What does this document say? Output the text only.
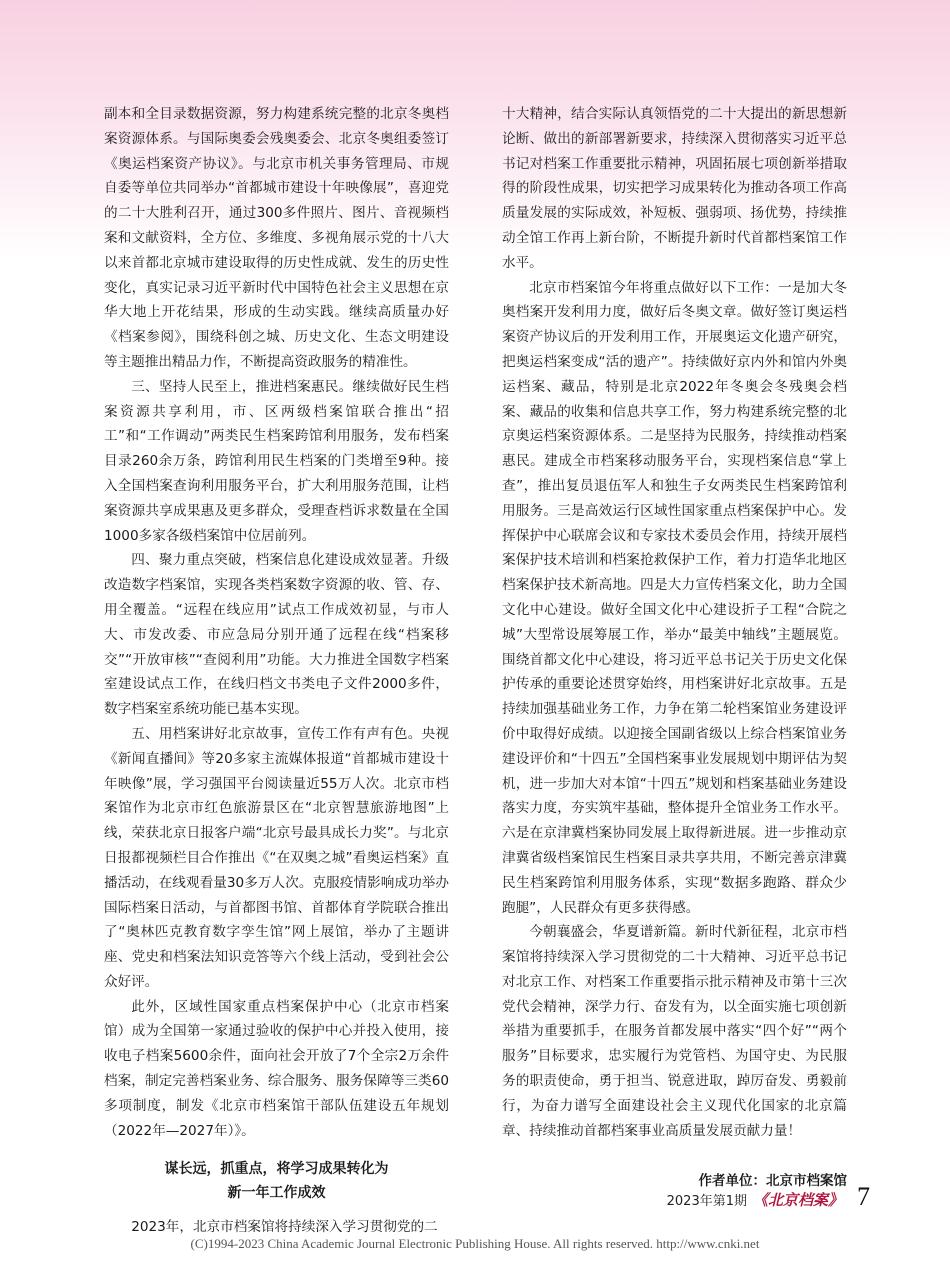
副本和全目录数据资源，努力构建系统完整的北京冬奥档案资源体系。与国际奥委会残奥委会、北京冬奥组委签订《奥运档案资产协议》。与北京市机关事务管理局、市规自委等单位共同举办“首都城市建设十年映像展”，喜迎党的二十大胜利召开，通过300多件照片、图片、音视频档案和文献资料，全方位、多维度、多视角展示党的十八大以来首都北京城市建设取得的历史性成就、发生的历史性变化，真实记录习近平新时代中国特色社会主义思想在京华大地上开花结果，形成的生动实践。继续高质量办好《档案参阅》，围绕科创之城、历史文化、生态文明建设等主题推出精品力作，不断提高资政服务的精准性。

三、坚持人民至上，推进档案惠民。继续做好民生档案资源共享利用，市、区两级档案馆联合推出“招工”和“工作调动”两类民生档案跨馆利用服务，发布档案目录260余万条，跨馆利用民生档案的门类增至9种。接入全国档案查询利用服务平台，扩大利用服务范围，让档案资源共享成果惠及更多群众，受理查档诉求数量在全国1000多家各级档案馆中位居前列。

四、聚力重点突破，档案信息化建设成效显著。升级改造数字档案馆，实现各类档案数字资源的收、管、存、用全覆盖。“远程在线应用”试点工作成效初显，与市人大、市发改委、市应急局分别开通了远程在线“档案移交”“开放审核”“查阅利用”功能。大力推进全国数字档案室建设试点工作，在线归档文书类电子文件2000多件，数字档案室系统功能已基本实现。

五、用档案讲好北京故事，宣传工作有声有色。央视《新闻直播间》等20多家主流媒体报道“首都城市建设十年映像”展，学习强国平台阅读量近55万人次。北京市档案馆作为北京市红色旅游景区在“北京智慧旅游地图”上线，荣获北京日报客户端“北京号最具成长力奖”。与北京日报都视频栏目合作推出《“在双奥之城”看奥运档案》直播活动，在线观看量30多万人次。克服疫情影响成功举办国际档案日活动，与首都图书馆、首都体育学院联合推出了“奥林匹克教育数字孪生馆”网上展馆，举办了主题讲座、党史和档案法知识竞答等六个线上活动，受到社会公众好评。

此外，区域性国家重点档案保护中心（北京市档案馆）成为全国第一家通过验收的保护中心并投入使用，接收电子档案5600余件，面向社会开放了7个全宗2万余件档案，制定完善档案业务、综合服务、服务保障等三类60多项制度，制发《北京市档案馆干部队伍建设五年规划（2022年—2027年）》。

谋长远，抓重点，将学习成果转化为
新一年工作成效

2023年，北京市档案馆将持续深入学习贯彻党的二

十大精神，结合实际认真领悟党的二十大提出的新思想新论断、做出的新部署新要求，持续深入贯彻落实习近平总书记对档案工作重要批示精神，巩固拓展七项创新举措取得的阶段性成果，切实把学习成果转化为推动各项工作高质量发展的实际成效，补短板、强弱项、扬优势，持续推动全馆工作再上新台阶，不断提升新时代首都档案馆工作水平。

北京市档案馆今年将重点做好以下工作：一是加大冬奥档案开发利用力度，做好后冬奥文章。做好签订奥运档案资产协议后的开发利用工作，开展奥运文化遗产研究，把奥运档案变成“活的遗产”。持续做好京内外和馆内外奥运档案、藏品，特别是北京2022年冬奥会冬残奥会档案、藏品的收集和信息共享工作，努力构建系统完整的北京奥运档案资源体系。二是坚持为民服务，持续推动档案惠民。建成全市档案移动服务平台，实现档案信息“掌上查”，推出复员退伍军人和独生子女两类民生档案跨馆利用服务。三是高效运行区域性国家重点档案保护中心。发挥保护中心联席会议和专家技术委员会作用，持续开展档案保护技术培训和档案抢救保护工作，着力打造华北地区档案保护技术新高地。四是大力宣传档案文化，助力全国文化中心建设。做好全国文化中心建设折子工程“合院之城”大型常设展筹展工作，举办“最美中轴线”主题展览。围绕首都文化中心建设，将习近平总书记关于历史文化保护传承的重要论述贯穿始终，用档案讲好北京故事。五是持续加强基础业务工作，力争在第二轮档案馆业务建设评价中取得好成绩。以迎接全国副省级以上综合档案馆业务建设评价和“十四五”全国档案事业发展规划中期评估为契机，进一步加大对本馆“十四五”规划和档案基础业务建设落实力度，夯实筑牢基础，整体提升全馆业务工作水平。六是在京津冀档案协同发展上取得新进展。进一步推动京津冀省级档案馆民生档案目录共享共用，不断完善京津冀民生档案跨馆利用服务体系，实现“数据多跑路、群众少跑腿”，人民群众有更多获得感。

今朝襄盛会，华夏谱新篇。新时代新征程，北京市档案馆将持续深入学习贯彻党的二十大精神、习近平总书记对北京工作、对档案工作重要指示批示精神及市第十三次党代会精神，深学力行、奋发有为，以全面实施七项创新举措为重要抓手，在服务首都发展中落实“四个好”“两个服务”目标要求，忠实履行为党管档、为国守史、为民服务的职责使命，勇于担当、锐意进取，踔厉奋发、勇毅前行，为奋力谱写全面建设社会主义现代化国家的北京篇章、持续推动首都档案事业高质量发展贡献力量！

作者单位：北京市档案馆
2023年第1期 《北京档案》 7
(C)1994-2023 China Academic Journal Electronic Publishing House. All rights reserved. http://www.cnki.net
